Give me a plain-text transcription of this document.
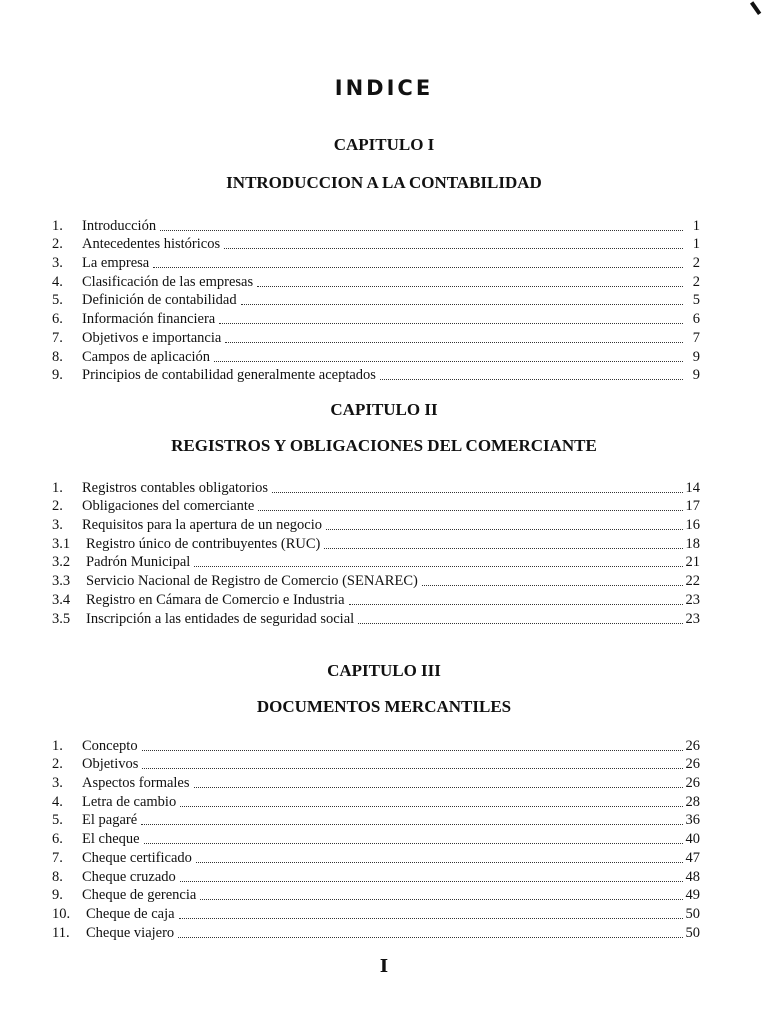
INDICE
CAPITULO I
INTRODUCCION A LA CONTABILIDAD
1.	Introducción	1
2.	Antecedentes históricos	1
3.	La empresa	2
4.	Clasificación de las empresas	2
5.	Definición de contabilidad	5
6.	Información financiera	6
7.	Objetivos e importancia	7
8.	Campos de aplicación	9
9.	Principios de contabilidad generalmente aceptados	9
CAPITULO II
REGISTROS Y OBLIGACIONES DEL COMERCIANTE
1.	Registros contables obligatorios	14
2.	Obligaciones del comerciante	17
3.	Requisitos para la apertura de un negocio	16
3.1	Registro único de contribuyentes (RUC)	18
3.2	Padrón Municipal	21
3.3	Servicio Nacional de Registro de Comercio (SENAREC)	22
3.4	Registro en Cámara de Comercio e Industria	23
3.5	Inscripción a las entidades de seguridad social	23
CAPITULO III
DOCUMENTOS MERCANTILES
1.	Concepto	26
2.	Objetivos	26
3.	Aspectos formales	26
4.	Letra de cambio	28
5.	El pagaré	36
6.	El cheque	40
7.	Cheque certificado	47
8.	Cheque cruzado	48
9.	Cheque de gerencia	49
10.	Cheque de caja	50
11.	Cheque viajero	50
I
